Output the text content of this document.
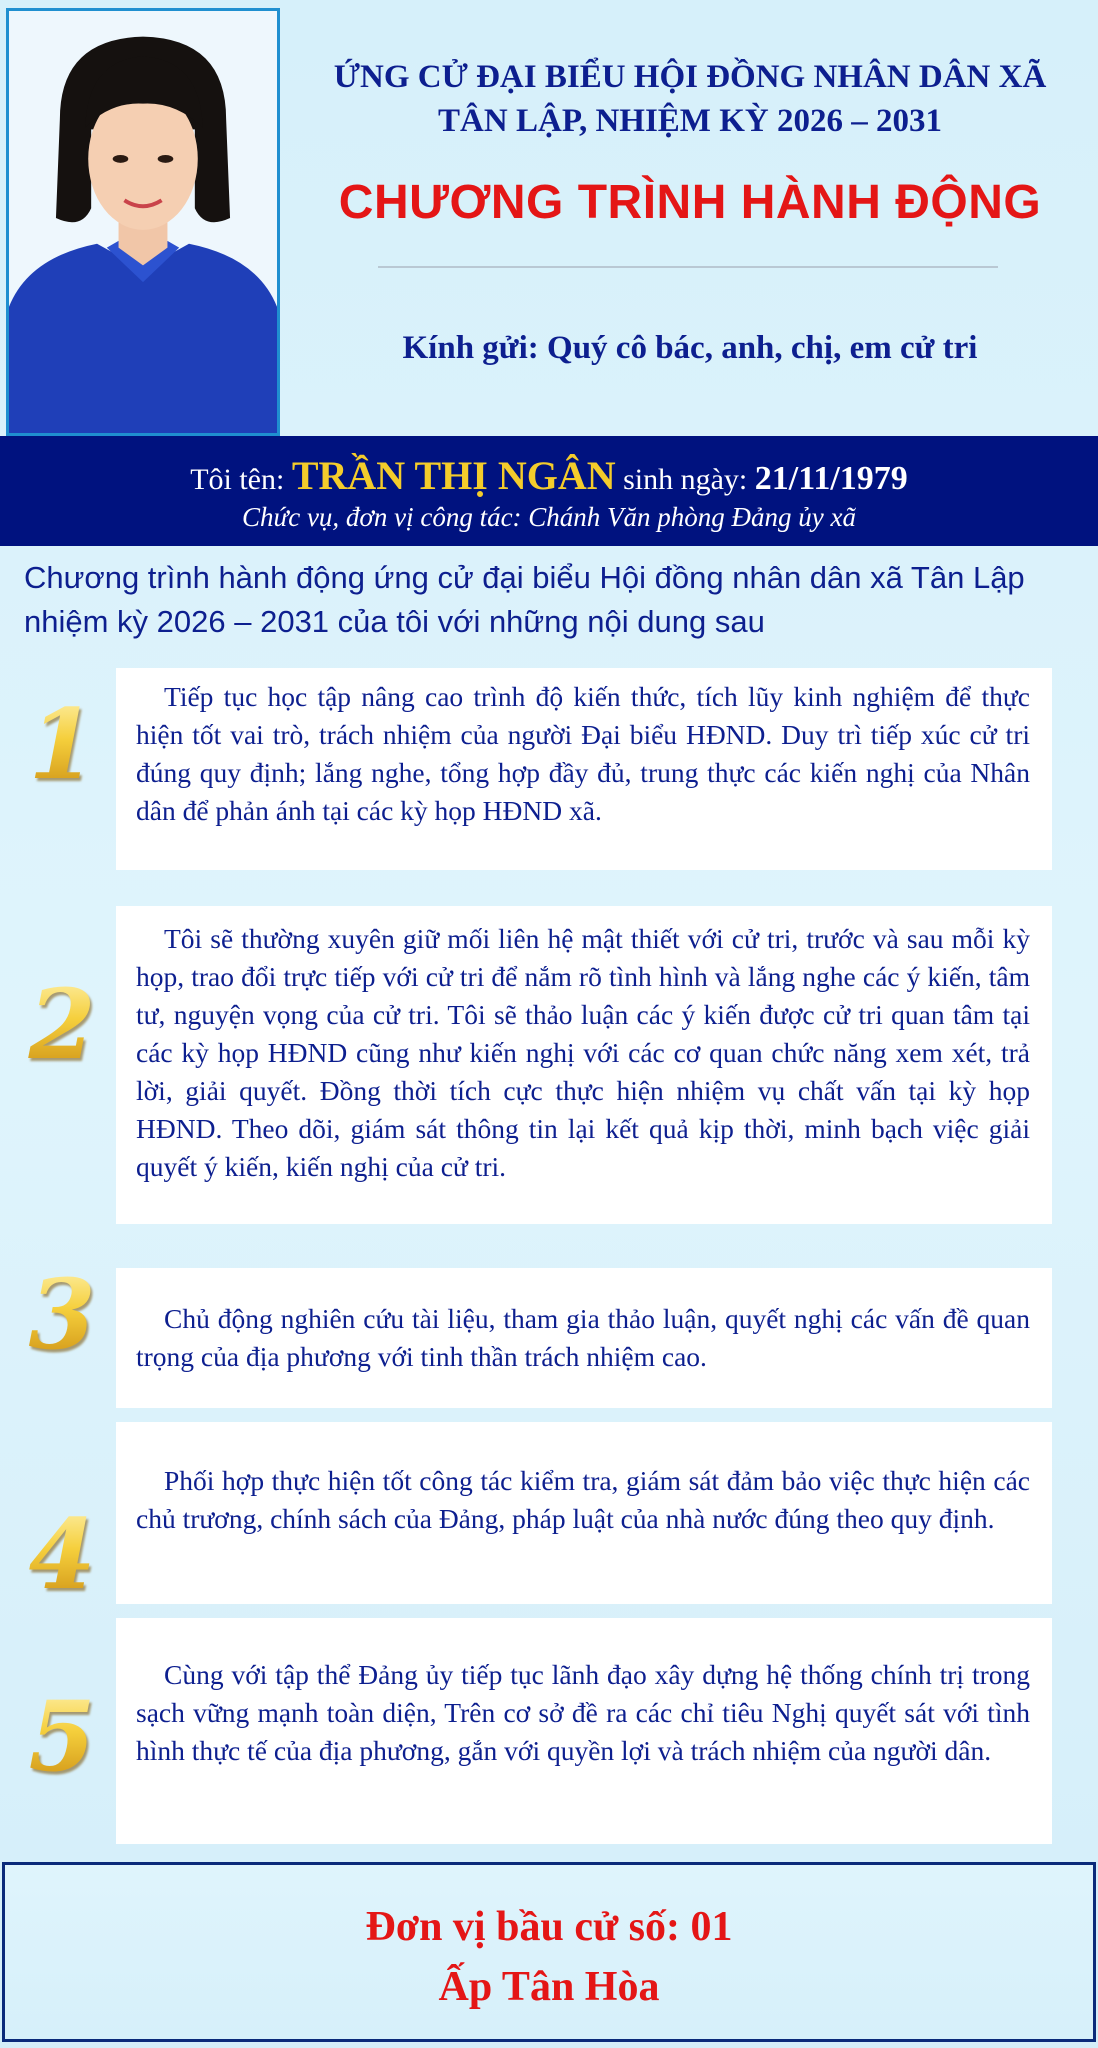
ỨNG CỬ ĐẠI BIỂU HỘI ĐỒNG NHÂN DÂN XÃ
TÂN LẬP, NHIỆM KỲ 2026 – 2031
CHƯƠNG TRÌNH HÀNH ĐỘNG
Kính gửi: Quý cô bác, anh, chị, em cử tri
Tôi tên: TRẦN THỊ NGÂN sinh ngày: 21/11/1979
Chức vụ, đơn vị công tác: Chánh Văn phòng Đảng ủy xã
Chương trình hành động ứng cử đại biểu Hội đồng nhân dân xã Tân Lập nhiệm kỳ 2026 – 2031 của tôi với những nội dung sau
1	Tiếp tục học tập nâng cao trình độ kiến thức, tích lũy kinh nghiệm để thực hiện tốt vai trò, trách nhiệm của người Đại biểu HĐND. Duy trì tiếp xúc cử tri đúng quy định; lắng nghe, tổng hợp đầy đủ, trung thực các kiến nghị của Nhân dân để phản ánh tại các kỳ họp HĐND xã.
2
Tôi sẽ thường xuyên giữ mối liên hệ mật thiết với cử tri, trước và sau mỗi kỳ họp, trao đổi trực tiếp với cử tri để nắm rõ tình hình và lắng nghe các ý kiến, tâm tư, nguyện vọng của cử tri. Tôi sẽ thảo luận các ý kiến được cử tri quan tâm tại các kỳ họp HĐND cũng như kiến nghị với các cơ quan chức năng xem xét, trả lời, giải quyết. Đồng thời tích cực thực hiện nhiệm vụ chất vấn tại kỳ họp HĐND. Theo dõi, giám sát thông tin lại kết quả kịp thời, minh bạch việc giải quyết ý kiến, kiến nghị của cử tri.
3	Chủ động nghiên cứu tài liệu, tham gia thảo luận, quyết nghị các vấn đề quan trọng của địa phương với tinh thần trách nhiệm cao.
4
Phối hợp thực hiện tốt công tác kiểm tra, giám sát đảm bảo việc thực hiện các chủ trương, chính sách của Đảng, pháp luật của nhà nước đúng theo quy định.
5
Cùng với tập thể Đảng ủy tiếp tục lãnh đạo xây dựng hệ thống chính trị trong sạch vững mạnh toàn diện, Trên cơ sở đề ra các chỉ tiêu Nghị quyết sát với tình hình thực tế của địa phương, gắn với quyền lợi và trách nhiệm của người dân.
Đơn vị bầu cử số: 01
Ấp Tân Hòa
